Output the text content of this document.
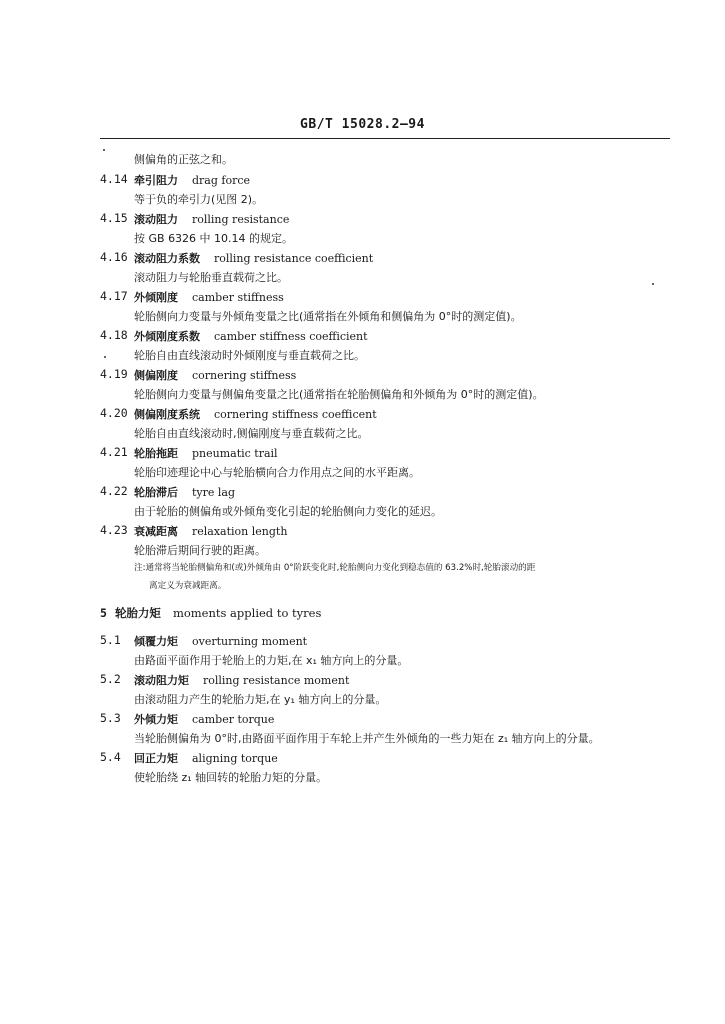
GB/T 15028.2—94
侧偏角的正弦之和。
4.14 牵引阻力 drag force
等于负的牵引力(见图 2)。
4.15 滚动阻力 rolling resistance
按 GB 6326 中 10.14 的规定。
4.16 滚动阻力系数 rolling resistance coefficient
滚动阻力与轮胎垂直载荷之比。
4.17 外倾刚度 camber stiffness
轮胎侧向力变量与外倾角变量之比(通常指在外倾角和侧偏角为 0°时的测定值)。
4.18 外倾刚度系数 camber stiffness coefficient
轮胎自由直线滚动时外倾刚度与垂直载荷之比。
4.19 侧偏刚度 cornering stiffness
轮胎侧向力变量与侧偏角变量之比(通常指在轮胎侧偏角和外倾角为 0°时的测定值)。
4.20 侧偏刚度系统 cornering stiffness coefficent
轮胎自由直线滚动时,侧偏刚度与垂直载荷之比。
4.21 轮胎拖距 pneumatic trail
轮胎印迹理论中心与轮胎横向合力作用点之间的水平距离。
4.22 轮胎滞后 tyre lag
由于轮胎的侧偏角或外倾角变化引起的轮胎侧向力变化的延迟。
4.23 衰减距离 relaxation length
轮胎滞后期间行驶的距离。
注:通常将当轮胎侧偏角和(或)外倾角由 0°阶跃变化时,轮胎侧向力变化到稳态值的 63.2%时,轮胎滚动的距
离定义为衰减距离。
5 轮胎力矩 moments applied to tyres
5.1 倾覆力矩 overturning moment
由路面平面作用于轮胎上的力矩,在 x₁ 轴方向上的分量。
5.2 滚动阻力矩 rolling resistance moment
由滚动阻力产生的轮胎力矩,在 y₁ 轴方向上的分量。
5.3 外倾力矩 camber torque
当轮胎侧偏角为 0°时,由路面平面作用于车轮上并产生外倾角的一些力矩在 z₁ 轴方向上的分量。
5.4 回正力矩 aligning torque
使轮胎绕 z₁ 轴回转的轮胎力矩的分量。
